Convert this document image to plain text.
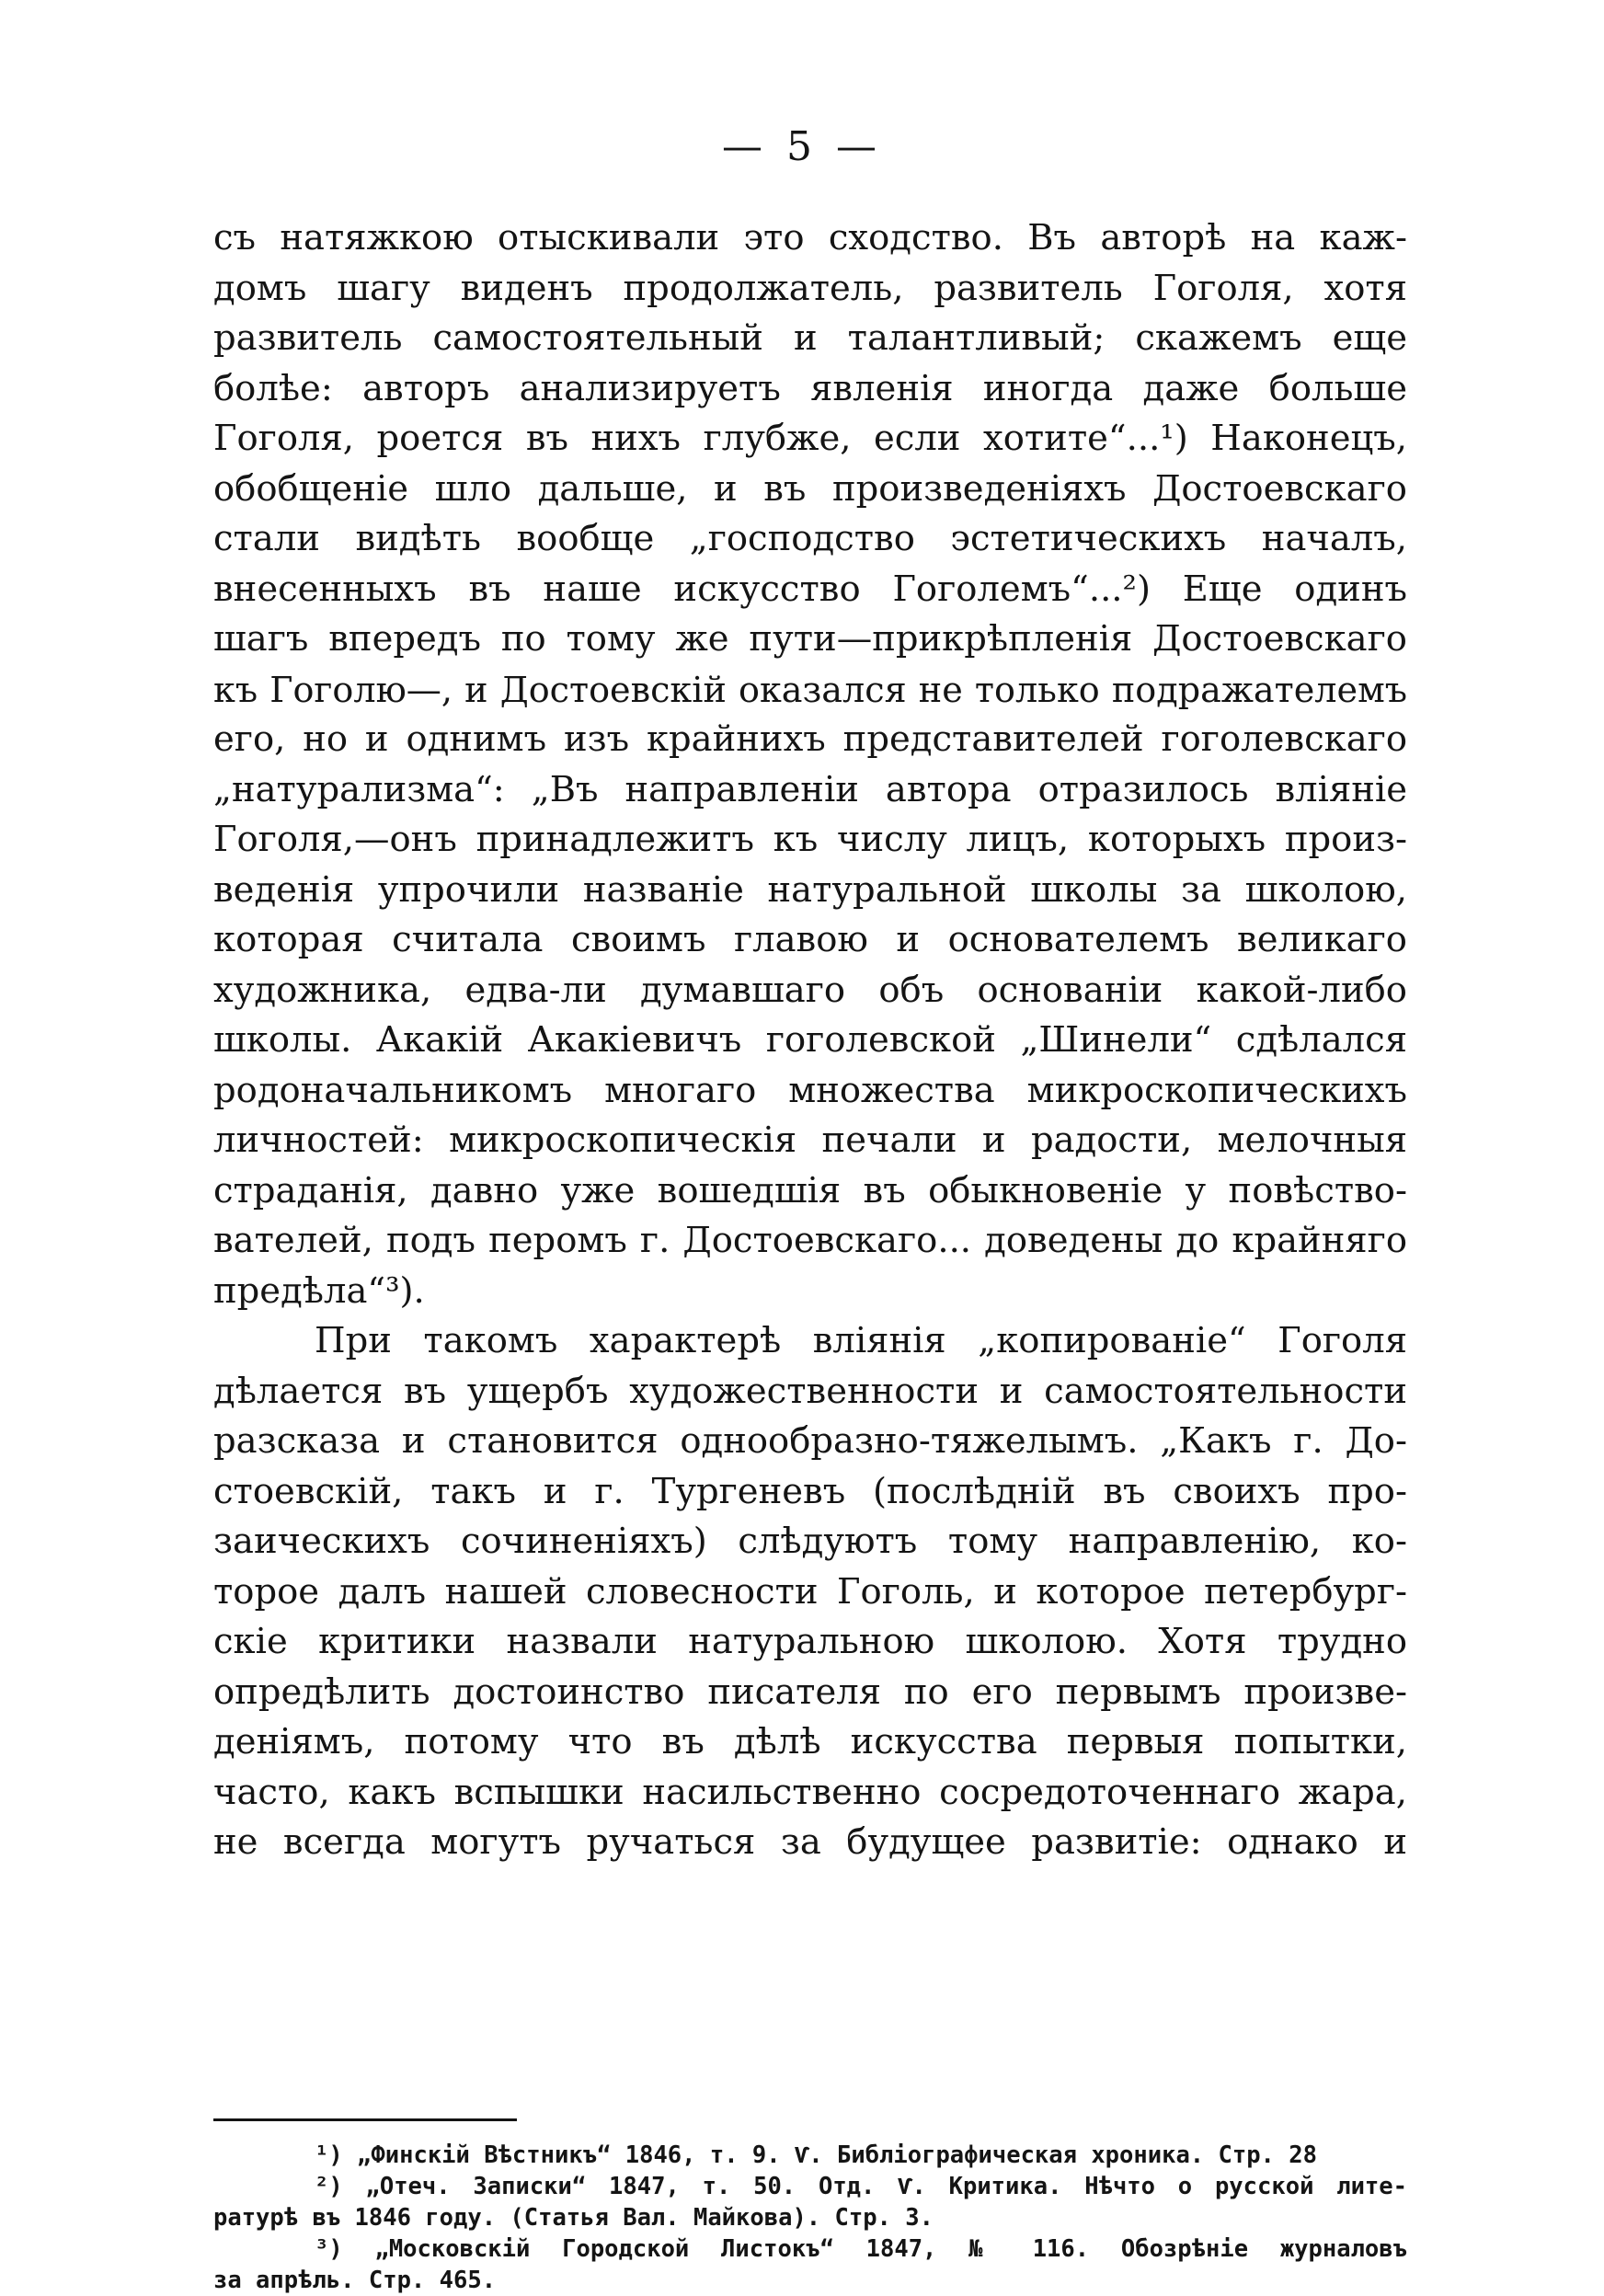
— 5 —
съ натяжкою отыскивали это сходство. Въ авторѣ на каж-
домъ шагу виденъ продолжатель, развитель Гоголя, хотя
развитель самостоятельный и талантливый; скажемъ еще
болѣе: авторъ анализируетъ явленія иногда даже больше
Гоголя, роется въ нихъ глубже, если хотите“...¹) Наконецъ,
обобщеніе шло дальше, и въ произведеніяхъ Достоевскаго
стали видѣть вообще „господство эстетическихъ началъ,
внесенныхъ въ наше искусство Гоголемъ“...²) Еще одинъ
шагъ впередъ по тому же пути—прикрѣпленія Достоевскаго
къ Гоголю—, и Достоевскій оказался не только подражателемъ
его, но и однимъ изъ крайнихъ представителей гоголевскаго
„натурализма“: „Въ направленіи автора отразилось вліяніе
Гоголя,—онъ принадлежитъ къ числу лицъ, которыхъ произ-
веденія упрочили названіе натуральной школы за школою,
которая считала своимъ главою и основателемъ великаго
художника, едва-ли думавшаго объ основаніи какой-либо
школы. Акакій Акакіевичъ гоголевской „Шинели“ сдѣлался
родоначальникомъ многаго множества микроскопическихъ
личностей: микроскопическія печали и радости, мелочныя
страданія, давно уже вошедшія въ обыкновеніе у повѣство-
вателей, подъ перомъ г. Достоевскаго... доведены до крайняго
предѣла“³).
При такомъ характерѣ вліянія „копированіе“ Гоголя
дѣлается въ ущербъ художественности и самостоятельности
разсказа и становится однообразно-тяжелымъ. „Какъ г. До-
стоевскій, такъ и г. Тургеневъ (послѣдній въ своихъ про-
заическихъ сочиненіяхъ) слѣдуютъ тому направленію, ко-
торое далъ нашей словесности Гоголь, и которое петербург-
скіе критики назвали натуральною школою. Хотя трудно
опредѣлить достоинство писателя по его первымъ произве-
деніямъ, потому что въ дѣлѣ искусства первыя попытки,
часто, какъ вспышки насильственно сосредоточеннаго жара,
не всегда могутъ ручаться за будущее развитіе: однако и
¹) „Финскій Вѣстникъ“ 1846, т. 9. Ѵ. Библіографическая хроника. Стр. 28
²) „Отеч. Записки“ 1847, т. 50. Отд. Ѵ. Критика. Нѣчто о русской лите-
ратурѣ въ 1846 году. (Статья Вал. Майкова). Стр. 3.
³) „Московскій Городской Листокъ“ 1847, № 116. Обозрѣніе журналовъ
за апрѣль. Стр. 465.
